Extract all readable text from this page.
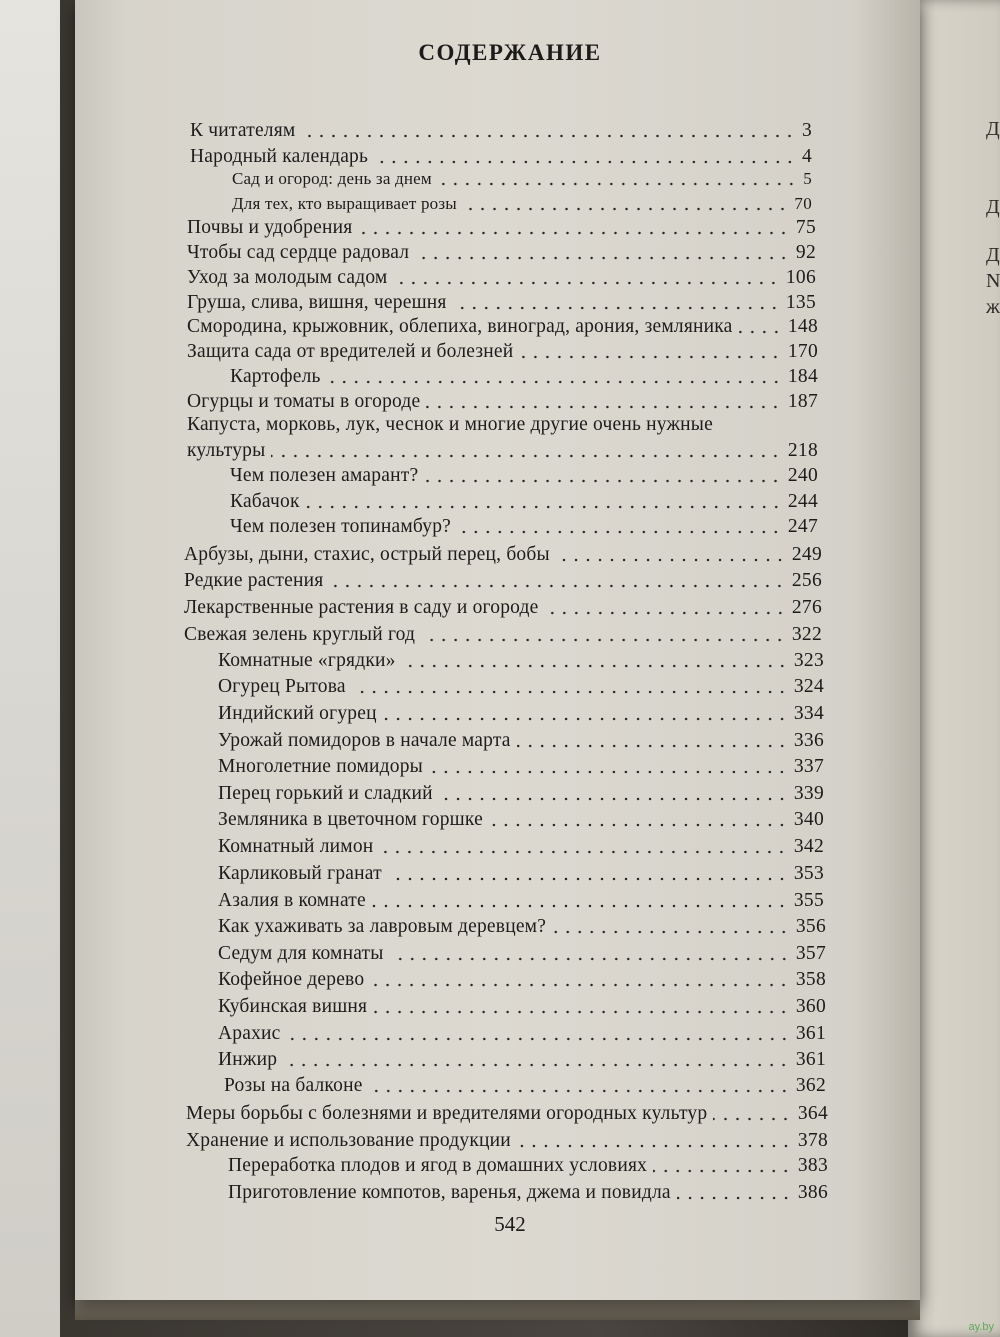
Д
Д
Д
N
ж
СОДЕРЖАНИЕ
К читателям	3
Народный календарь	4
Сад и огород: день за днем	5
Для тех, кто выращивает розы	70
Почвы и удобрения	75
Чтобы сад сердце радовал	92
Уход за молодым садом	106
Груша, слива, вишня, черешня	135
Смородина, крыжовник, облепиха, виноград, арония, земляника	148
Защита сада от вредителей и болезней	170
Картофель	184
Огурцы и томаты в огороде	187
Капуста, морковь, лук, чеснок и многие другие очень нужные
культуры	218
Чем полезен амарант?	240
Кабачок	244
Чем полезен топинамбур?	247
Арбузы, дыни, стахис, острый перец, бобы	249
Редкие растения	256
Лекарственные растения в саду и огороде	276
Свежая зелень круглый год	322
Комнатные «грядки»	323
Огурец Рытова	324
Индийский огурец	334
Урожай помидоров в начале марта	336
Многолетние помидоры	337
Перец горький и сладкий	339
Земляника в цветочном горшке	340
Комнатный лимон	342
Карликовый гранат	353
Азалия в комнате	355
Как ухаживать за лавровым деревцем?	356
Седум для комнаты	357
Кофейное дерево	358
Кубинская вишня	360
Арахис	361
Инжир	361
Розы на балконе	362
Меры борьбы с болезнями и вредителями огородных культур	364
Хранение и использование продукции	378
Переработка плодов и ягод в домашних условиях	383
Приготовление компотов, варенья, джема и повидла	386
542
ay.by
